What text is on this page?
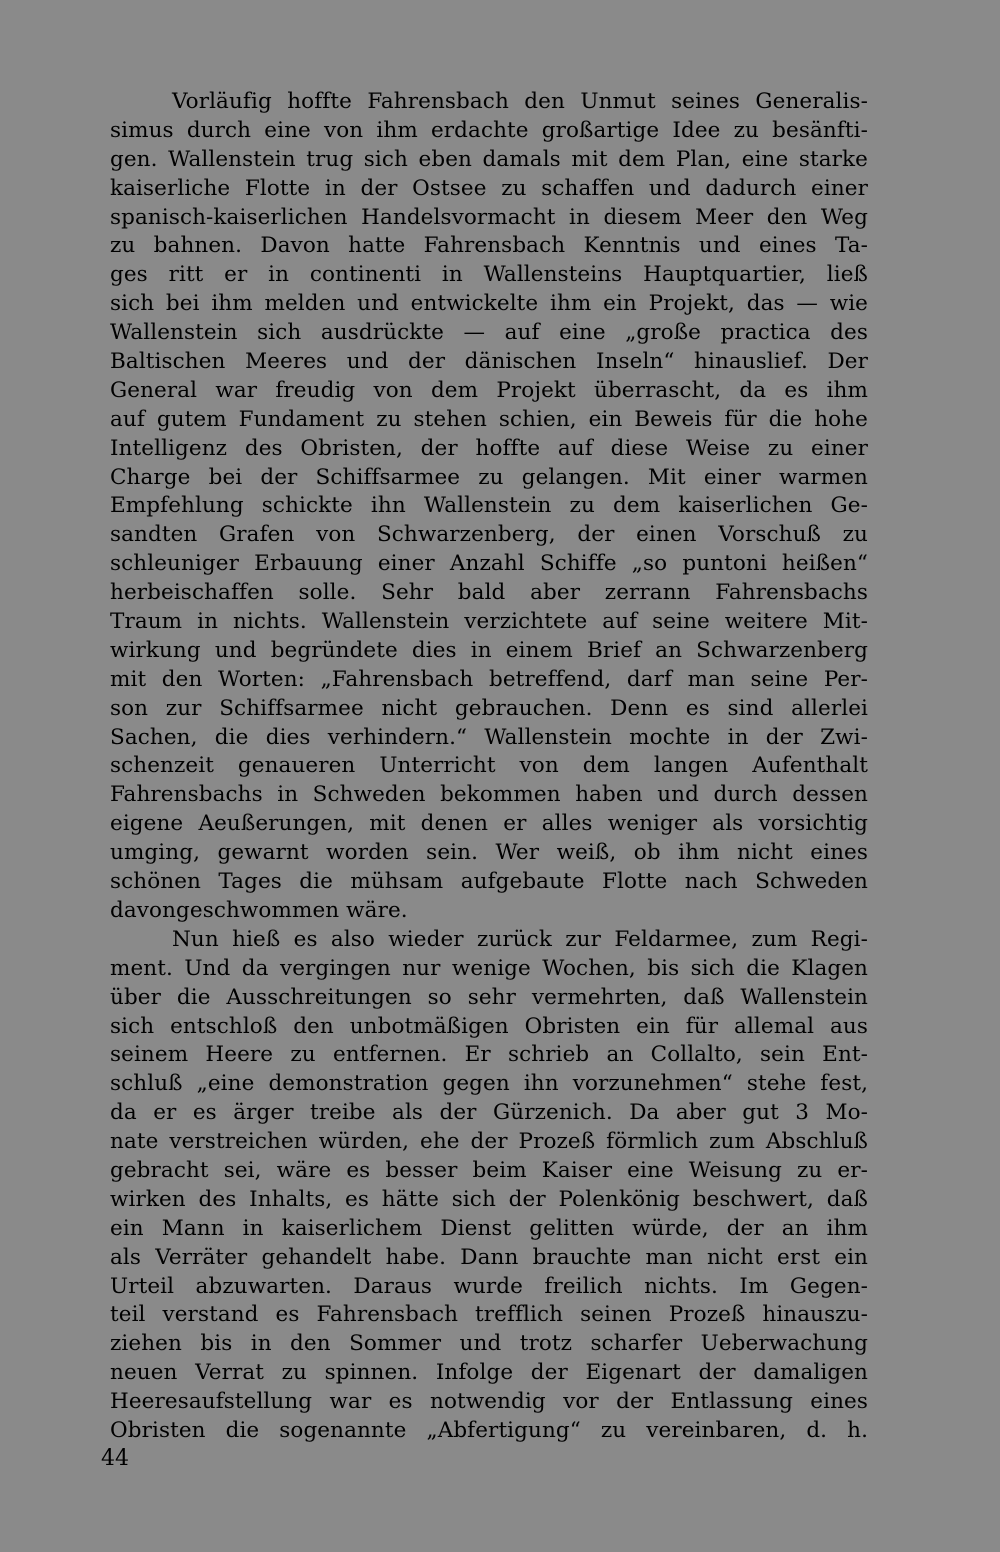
Vorläufig hoffte Fahrensbach den Unmut seines Generalis-
simus durch eine von ihm erdachte großartige Idee zu besänfti-
gen. Wallenstein trug sich eben damals mit dem Plan, eine starke
kaiserliche Flotte in der Ostsee zu schaffen und dadurch einer
spanisch-kaiserlichen Handelsvormacht in diesem Meer den Weg
zu bahnen. Davon hatte Fahrensbach Kenntnis und eines Ta-
ges ritt er in continenti in Wallensteins Hauptquartier, ließ
sich bei ihm melden und entwickelte ihm ein Projekt, das — wie
Wallenstein sich ausdrückte — auf eine „große practica des
Baltischen Meeres und der dänischen Inseln“ hinauslief. Der
General war freudig von dem Projekt überrascht, da es ihm
auf gutem Fundament zu stehen schien, ein Beweis für die hohe
Intelligenz des Obristen, der hoffte auf diese Weise zu einer
Charge bei der Schiffsarmee zu gelangen. Mit einer warmen
Empfehlung schickte ihn Wallenstein zu dem kaiserlichen Ge-
sandten Grafen von Schwarzenberg, der einen Vorschuß zu
schleuniger Erbauung einer Anzahl Schiffe „so puntoni heißen“
herbeischaffen solle. Sehr bald aber zerrann Fahrensbachs
Traum in nichts. Wallenstein verzichtete auf seine weitere Mit-
wirkung und begründete dies in einem Brief an Schwarzenberg
mit den Worten: „Fahrensbach betreffend, darf man seine Per-
son zur Schiffsarmee nicht gebrauchen. Denn es sind allerlei
Sachen, die dies verhindern.“ Wallenstein mochte in der Zwi-
schenzeit genaueren Unterricht von dem langen Aufenthalt
Fahrensbachs in Schweden bekommen haben und durch dessen
eigene Aeußerungen, mit denen er alles weniger als vorsichtig
umging, gewarnt worden sein. Wer weiß, ob ihm nicht eines
schönen Tages die mühsam aufgebaute Flotte nach Schweden
davongeschwommen wäre.
Nun hieß es also wieder zurück zur Feldarmee, zum Regi-
ment. Und da vergingen nur wenige Wochen, bis sich die Klagen
über die Ausschreitungen so sehr vermehrten, daß Wallenstein
sich entschloß den unbotmäßigen Obristen ein für allemal aus
seinem Heere zu entfernen. Er schrieb an Collalto, sein Ent-
schluß „eine demonstration gegen ihn vorzunehmen“ stehe fest,
da er es ärger treibe als der Gürzenich. Da aber gut 3 Mo-
nate verstreichen würden, ehe der Prozeß förmlich zum Abschluß
gebracht sei, wäre es besser beim Kaiser eine Weisung zu er-
wirken des Inhalts, es hätte sich der Polenkönig beschwert, daß
ein Mann in kaiserlichem Dienst gelitten würde, der an ihm
als Verräter gehandelt habe. Dann brauchte man nicht erst ein
Urteil abzuwarten. Daraus wurde freilich nichts. Im Gegen-
teil verstand es Fahrensbach trefflich seinen Prozeß hinauszu-
ziehen bis in den Sommer und trotz scharfer Ueberwachung
neuen Verrat zu spinnen. Infolge der Eigenart der damaligen
Heeresaufstellung war es notwendig vor der Entlassung eines
Obristen die sogenannte „Abfertigung“ zu vereinbaren, d. h.
44
